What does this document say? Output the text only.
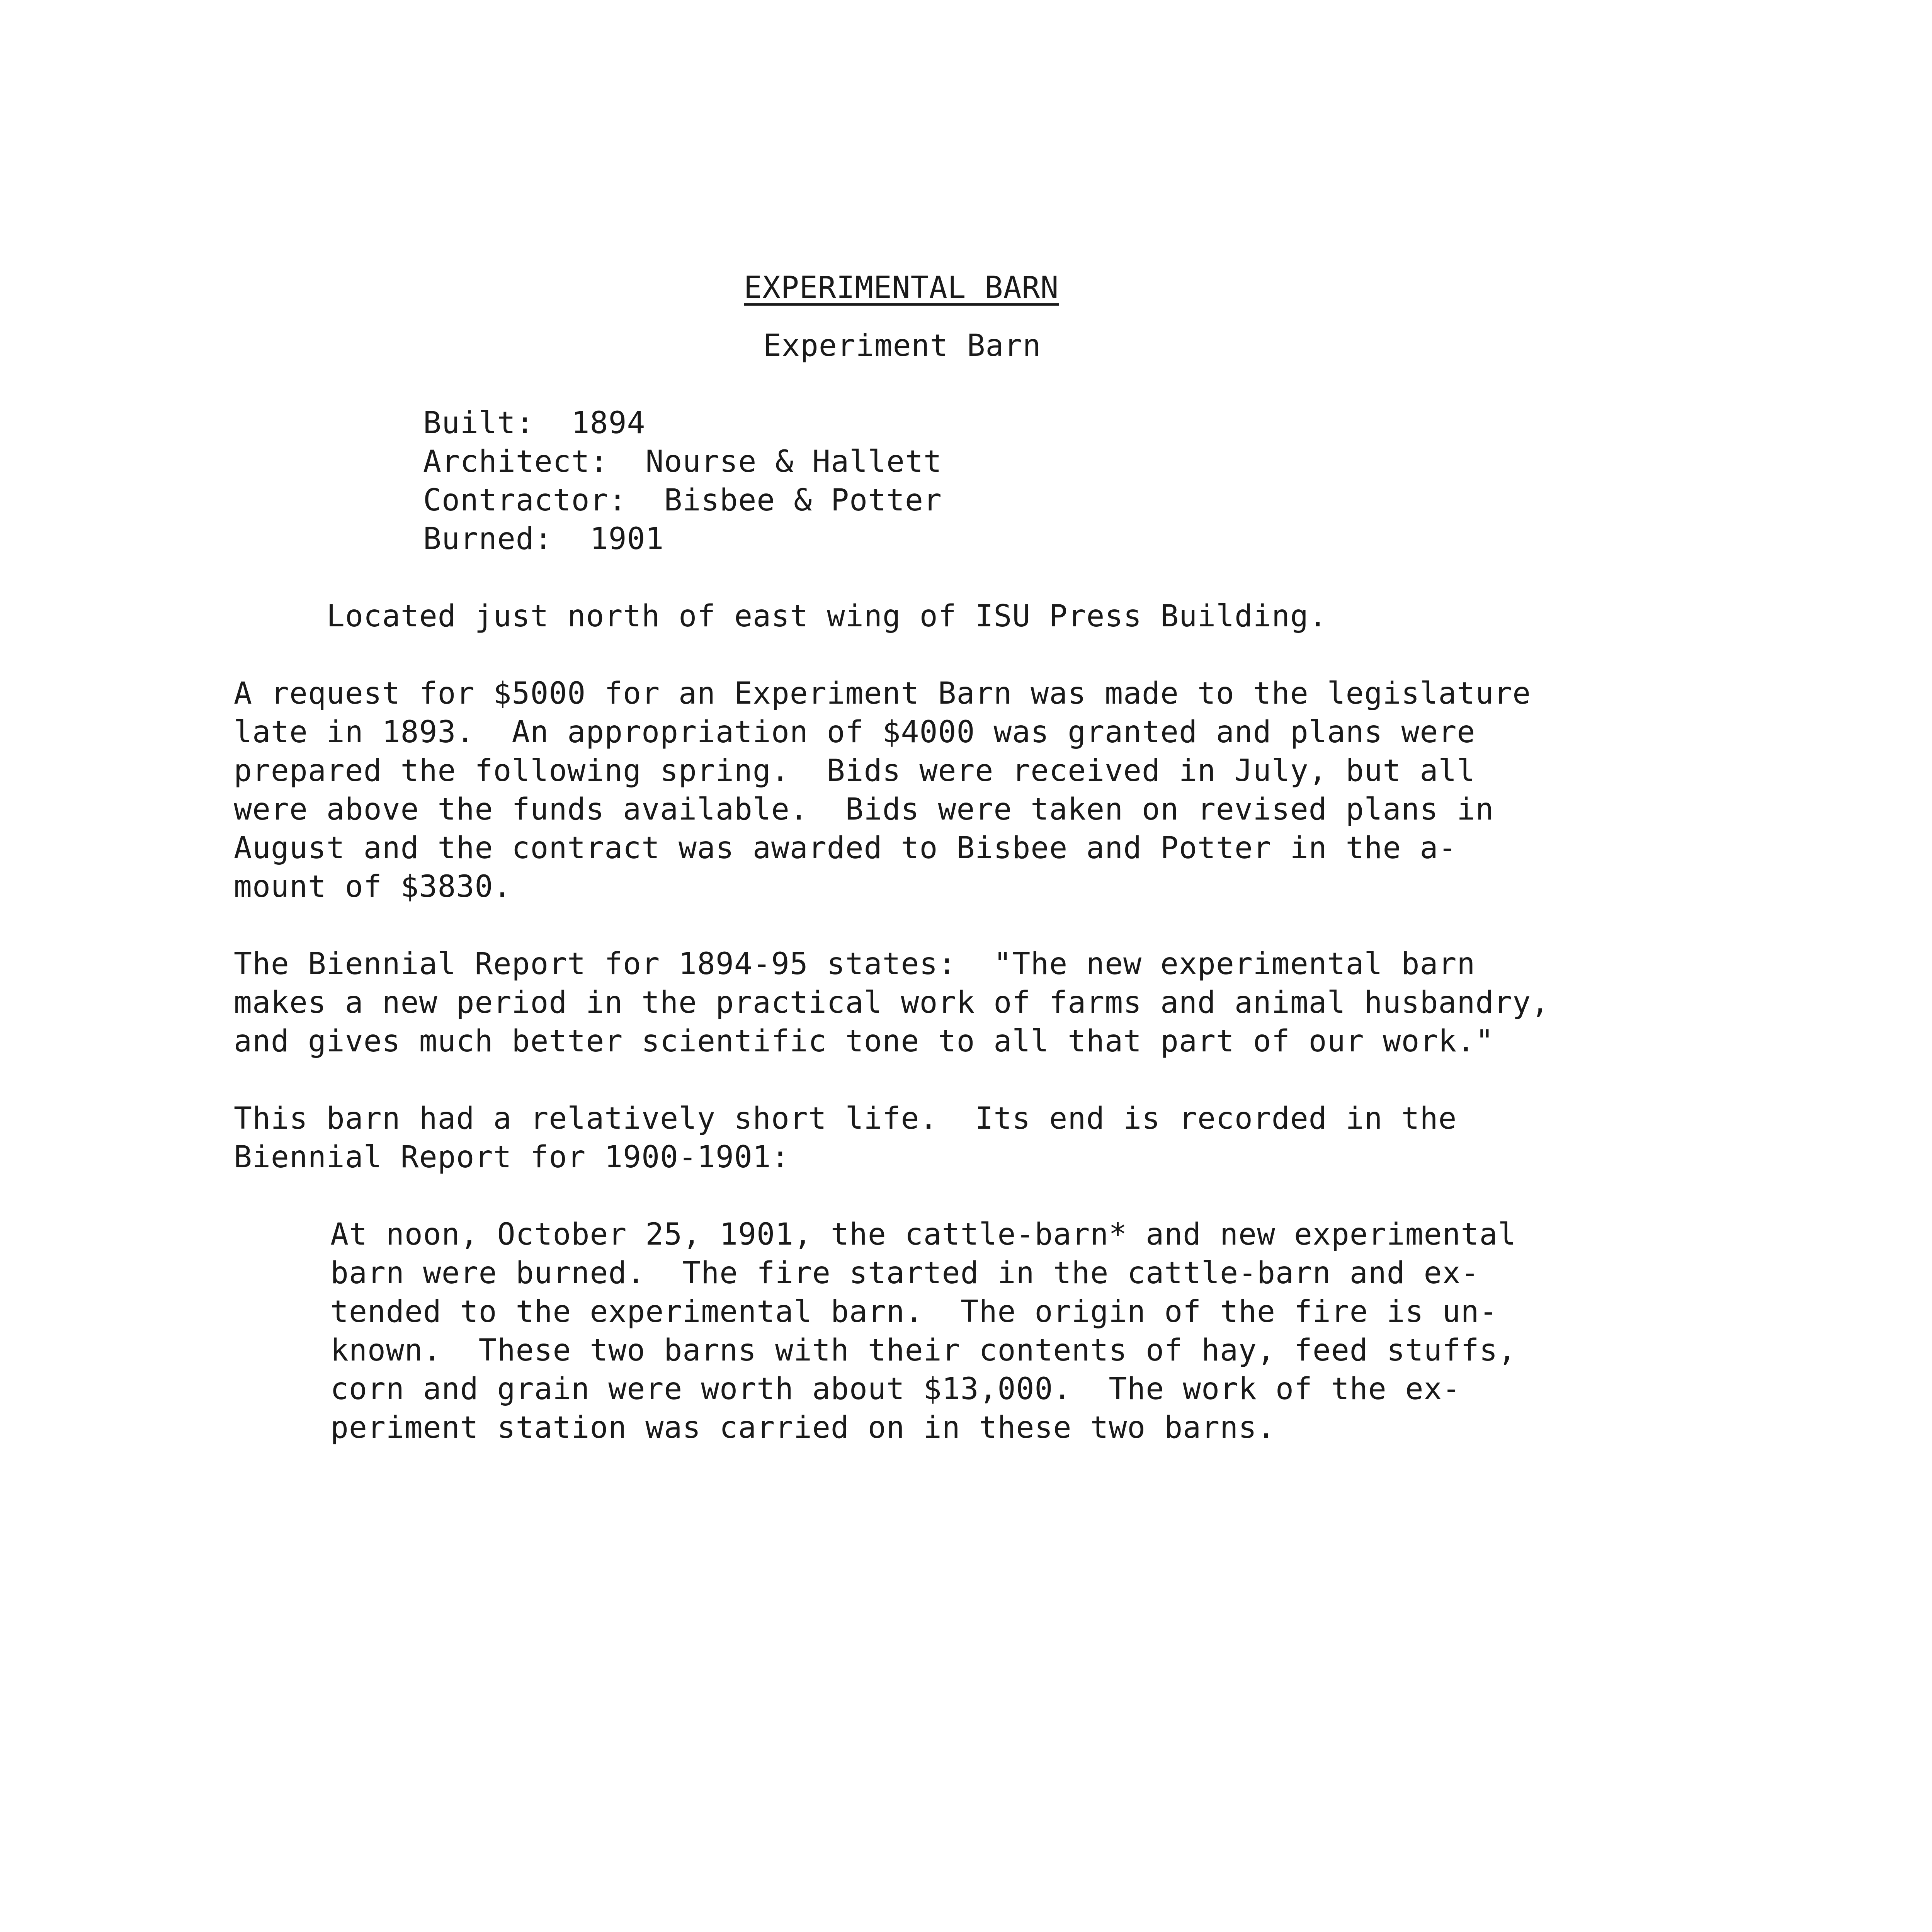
EXPERIMENTAL BARN
Experiment Barn
Built:  1894
Architect:  Nourse & Hallett
Contractor:  Bisbee & Potter
Burned:  1901
Located just north of east wing of ISU Press Building.
A request for $5000 for an Experiment Barn was made to the legislature
late in 1893.  An appropriation of $4000 was granted and plans were
prepared the following spring.  Bids were received in July, but all
were above the funds available.  Bids were taken on revised plans in
August and the contract was awarded to Bisbee and Potter in the a-
mount of $3830.
The Biennial Report for 1894-95 states:  "The new experimental barn
makes a new period in the practical work of farms and animal husbandry,
and gives much better scientific tone to all that part of our work."
This barn had a relatively short life.  Its end is recorded in the
Biennial Report for 1900-1901:
At noon, October 25, 1901, the cattle-barn* and new experimental
barn were burned.  The fire started in the cattle-barn and ex-
tended to the experimental barn.  The origin of the fire is un-
known.  These two barns with their contents of hay, feed stuffs,
corn and grain were worth about $13,000.  The work of the ex-
periment station was carried on in these two barns.
